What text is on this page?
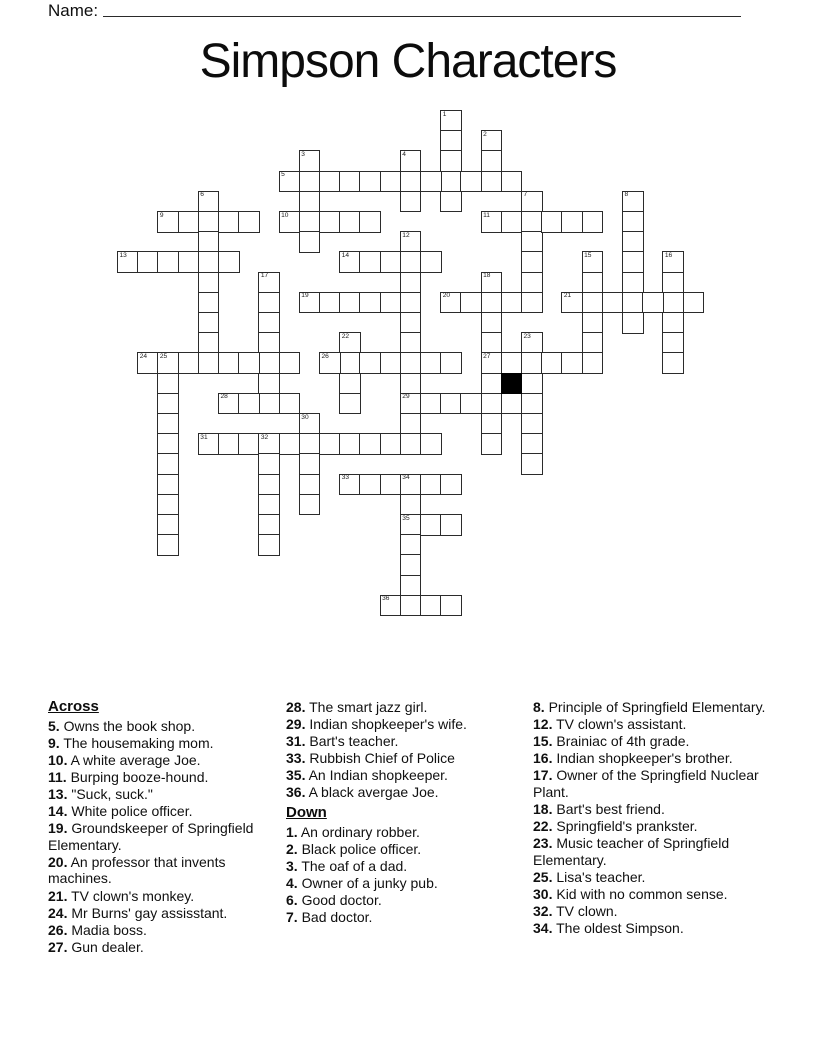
Name:
Simpson Characters
1
2
3	4
5
6	7	8
9	10	11
12
29
13	14	15	16
17	18
27
19	20	21
22	23
24 25	26
28
30
31	32
33	34
35
36
Across
5. Owns the book shop.
9. The housemaking mom.
10. A white average Joe.
11. Burping booze-hound.
13. "Suck, suck."
14. White police officer.
19. Groundskeeper of Springfield Elementary.
20. An professor that invents machines.
21. TV clown's monkey.
24. Mr Burns' gay assisstant.
26. Madia boss.
27. Gun dealer.
28. The smart jazz girl.
29. Indian shopkeeper's wife.
31. Bart's teacher.
33. Rubbish Chief of Police
35. An Indian shopkeeper.
36. A black avergae Joe.
Down
1. An ordinary robber.
2. Black police officer.
3. The oaf of a dad.
4. Owner of a junky pub.
6. Good doctor.
7. Bad doctor.
8. Principle of Springfield Elementary.
12. TV clown's assistant.
15. Brainiac of 4th grade.
16. Indian shopkeeper's brother.
17. Owner of the Springfield Nuclear Plant.
18. Bart's best friend.
22. Springfield's prankster.
23. Music teacher of Springfield Elementary.
25. Lisa's teacher.
30. Kid with no common sense.
32. TV clown.
34. The oldest Simpson.
